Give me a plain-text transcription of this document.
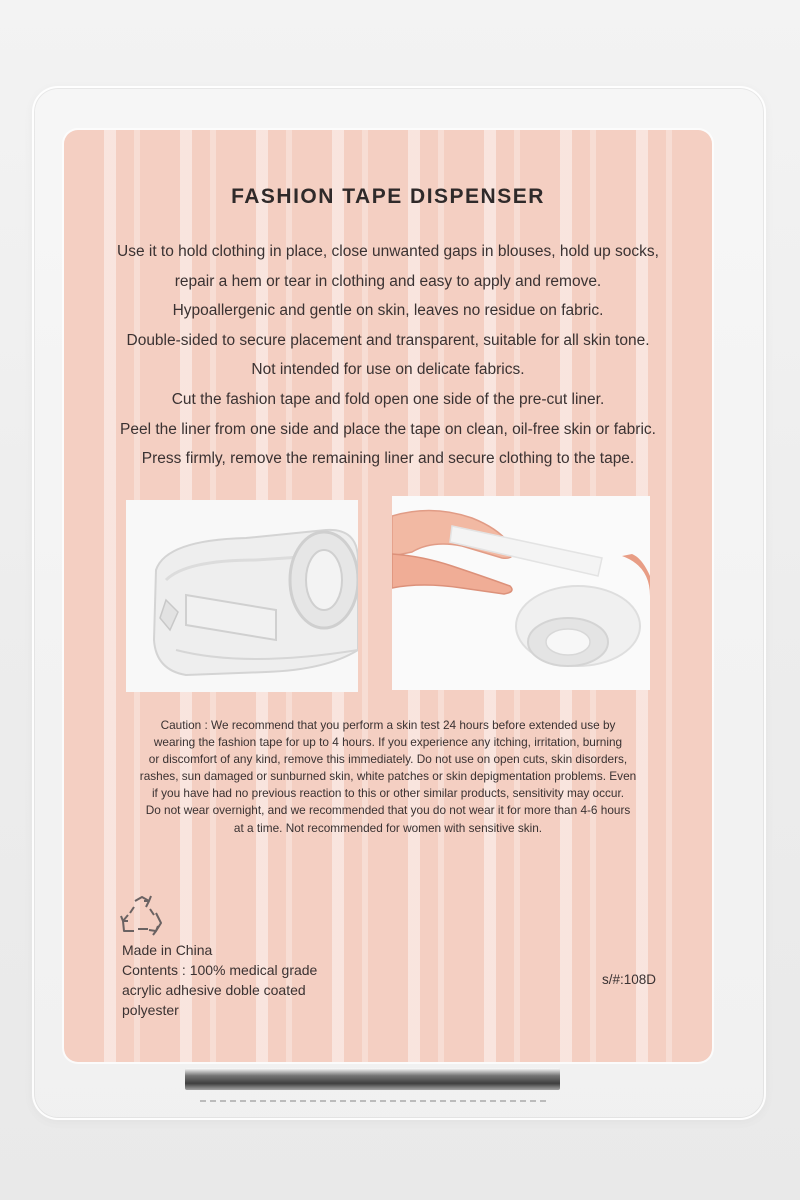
FASHION TAPE DISPENSER
Use it to hold clothing in place, close unwanted gaps in blouses, hold up socks,
repair a hem or tear in clothing and easy to apply and remove.
Hypoallergenic and gentle on skin, leaves no residue on fabric.
Double-sided to secure placement and transparent, suitable for all skin tone.
Not intended for use on delicate fabrics.
Cut the fashion tape and fold open one side of the pre-cut liner.
Peel the liner from one side and place the tape on clean, oil-free skin or fabric.
Press firmly, remove the remaining liner and secure clothing to the tape.
Caution : We recommend that you perform a skin test 24 hours before extended use by
wearing the fashion tape for up to 4 hours. If you experience any itching, irritation, burning
or discomfort of any kind, remove this immediately. Do not use on open cuts, skin disorders,
rashes, sun damaged or sunburned skin, white patches or skin depigmentation problems. Even
if you have had no previous reaction to this or other similar products, sensitivity may occur.
Do not wear overnight, and we recommended that you do not wear it for more than 4-6 hours
at a time. Not recommended for women with sensitive skin.
Made in China
Contents : 100% medical grade
acrylic adhesive doble coated
polyester
s/#:108D
